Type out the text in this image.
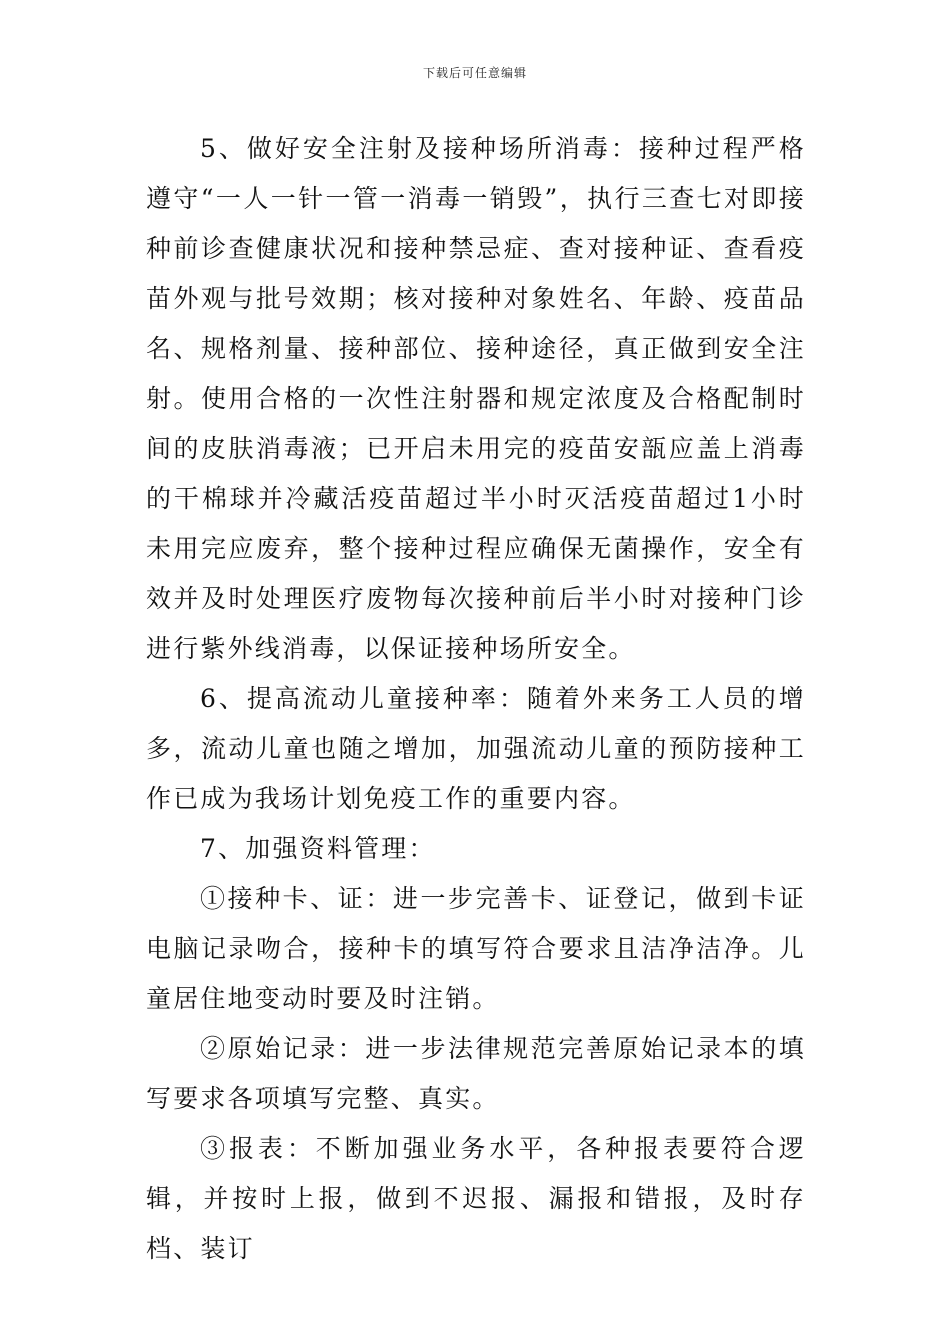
下载后可任意编辑

5、做好安全注射及接种场所消毒：接种过程严格遵守“一人一针一管一消毒一销毁”，执行三查七对即接种前诊查健康状况和接种禁忌症、查对接种证、查看疫苗外观与批号效期；核对接种对象姓名、年龄、疫苗品名、规格剂量、接种部位、接种途径，真正做到安全注射。使用合格的一次性注射器和规定浓度及合格配制时间的皮肤消毒液；已开启未用完的疫苗安瓿应盖上消毒的干棉球并冷藏活疫苗超过半小时灭活疫苗超过1小时未用完应废弃，整个接种过程应确保无菌操作，安全有效并及时处理医疗废物每次接种前后半小时对接种门诊进行紫外线消毒，以保证接种场所安全。

6、提高流动儿童接种率：随着外来务工人员的增多，流动儿童也随之增加，加强流动儿童的预防接种工作已成为我场计划免疫工作的重要内容。

7、加强资料管理：

①接种卡、证：进一步完善卡、证登记，做到卡证电脑记录吻合，接种卡的填写符合要求且洁净洁净。儿童居住地变动时要及时注销。

②原始记录：进一步法律规范完善原始记录本的填写要求各项填写完整、真实。

③报表：不断加强业务水平，各种报表要符合逻辑，并按时上报，做到不迟报、漏报和错报，及时存档、装订
